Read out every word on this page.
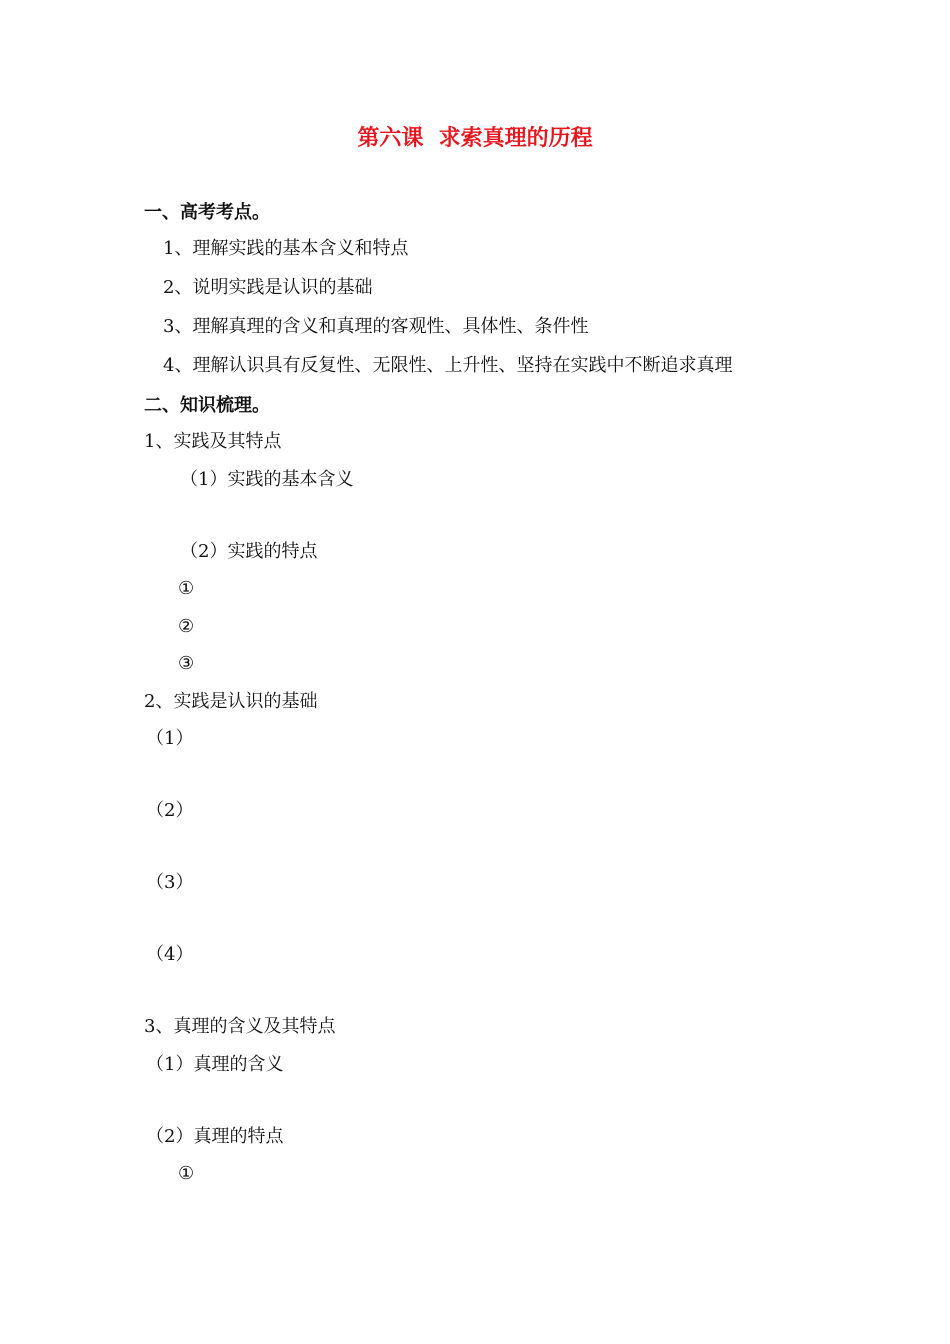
第六课  求索真理的历程
一、高考考点。
1、理解实践的基本含义和特点
2、说明实践是认识的基础
3、理解真理的含义和真理的客观性、具体性、条件性
4、理解认识具有反复性、无限性、上升性、坚持在实践中不断追求真理
二、知识梳理。
1、实践及其特点
（1）实践的基本含义
（2）实践的特点
①
②
③
2、实践是认识的基础
（1）
（2）
（3）
（4）
3、真理的含义及其特点
（1）真理的含义
（2）真理的特点
①
